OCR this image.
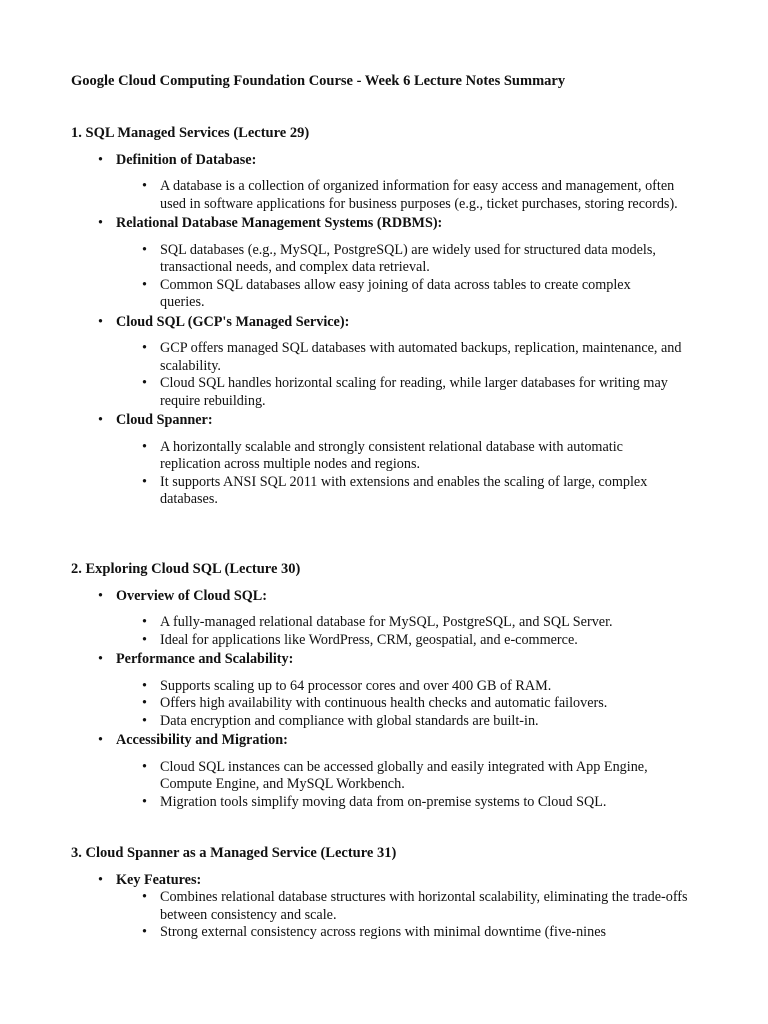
Google Cloud Computing Foundation Course - Week 6 Lecture Notes Summary
1. SQL Managed Services (Lecture 29)
• Definition of Database:
• A database is a collection of organized information for easy access and management, often used in software applications for business purposes (e.g., ticket purchases, storing records).
• Relational Database Management Systems (RDBMS):
• SQL databases (e.g., MySQL, PostgreSQL) are widely used for structured data models, transactional needs, and complex data retrieval.
• Common SQL databases allow easy joining of data across tables to create complex queries.
• Cloud SQL (GCP's Managed Service):
• GCP offers managed SQL databases with automated backups, replication, maintenance, and scalability.
• Cloud SQL handles horizontal scaling for reading, while larger databases for writing may require rebuilding.
• Cloud Spanner:
• A horizontally scalable and strongly consistent relational database with automatic replication across multiple nodes and regions.
• It supports ANSI SQL 2011 with extensions and enables the scaling of large, complex databases.
2. Exploring Cloud SQL (Lecture 30)
• Overview of Cloud SQL:
• A fully-managed relational database for MySQL, PostgreSQL, and SQL Server.
• Ideal for applications like WordPress, CRM, geospatial, and e-commerce.
• Performance and Scalability:
• Supports scaling up to 64 processor cores and over 400 GB of RAM.
• Offers high availability with continuous health checks and automatic failovers.
• Data encryption and compliance with global standards are built-in.
• Accessibility and Migration:
• Cloud SQL instances can be accessed globally and easily integrated with App Engine, Compute Engine, and MySQL Workbench.
• Migration tools simplify moving data from on-premise systems to Cloud SQL.
3. Cloud Spanner as a Managed Service (Lecture 31)
• Key Features:
• Combines relational database structures with horizontal scalability, eliminating the trade-offs between consistency and scale.
• Strong external consistency across regions with minimal downtime (five-nines
